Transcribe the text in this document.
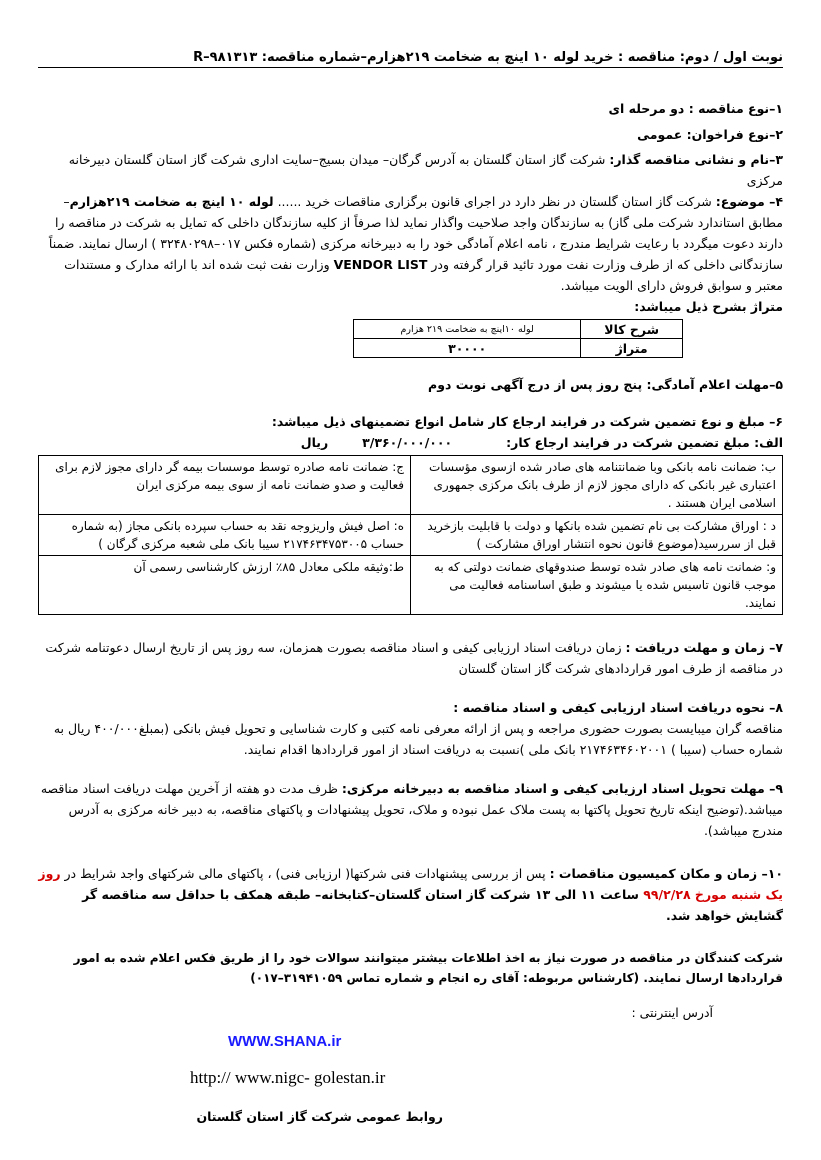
نوبت اول / دوم: مناقصه : خرید لوله ۱۰ اینچ به ضخامت ۲۱۹هزارم–شماره مناقصه: R–۹۸۱۳۱۳
۱–نوع مناقصه : دو مرحله ای
۲–نوع فراخوان: عمومی
۳–نام و نشانی مناقصه گذار: شرکت گاز استان گلستان به آدرس گرگان– میدان بسیج–سایت اداری شرکت گاز استان گلستان دبیرخانه مرکزی
۴– موضوع: شرکت گاز استان گلستان در نظر دارد در اجرای قانون برگزاری مناقصات خرید ...... لوله ۱۰ اینچ به ضخامت ۲۱۹هزارم– مطابق استاندارد شرکت ملی گاز) به سازندگان واجد صلاحیت واگذار نماید لذا صرفاً از کلیه سازندگان داخلی که تمایل به شرکت در مناقصه را دارند دعوت میگردد با رعایت شرایط مندرج ، نامه اعلام آمادگی خود را به دبیرخانه مرکزی (شماره فکس ۰۱۷–۳۲۴۸۰۲۹۸ ) ارسال نمایند. ضمناً سازندگانی داخلی که از طرف وزارت نفت مورد تائید قرار گرفته ودر VENDOR LIST وزارت نفت ثبت شده اند با ارائه مدارک و مستندات معتبر و سوابق فروش دارای الویت میباشد.
متراژ بشرح ذیل میباشد:
شرح کالا	لوله ۱۰اینچ به ضخامت ۲۱۹ هزارم
متراژ	۳۰۰۰۰
۵–مهلت اعلام آمادگی: پنج روز پس از درج آگهی نوبت دوم
۶– مبلغ و نوع تضمین شرکت در فرایند ارجاع کار شامل انواع تضمینهای ذیل میباشد:
الف: مبلغ تضمین شرکت در فرایند ارجاع کار:  ۳/۳۶۰/۰۰۰/۰۰۰  ریال
ب: ضمانت نامه بانکی وبا ضمانتنامه های صادر شده ازسوی مؤسسات اعتباری غیر بانکی که دارای مجوز لازم از طرف بانک مرکزی جمهوری اسلامی ایران هستند .	ج: ضمانت نامه صادره توسط موسسات بیمه گر دارای مجوز لازم برای فعالیت و صدو ضمانت نامه از سوی بیمه مرکزی ایران
د : اوراق مشارکت بی نام تضمین شده بانکها و دولت با قابلیت بازخرید قبل از سررسید(موضوع قانون نحوه انتشار اوراق مشارکت )	ه: اصل فیش واریزوجه نقد به حساب سپرده بانکی مجاز (به شماره حساب ۲۱۷۴۶۳۴۷۵۳۰۰۵ سیبا بانک ملی شعبه مرکزی گرگان )
و: ضمانت نامه های صادر شده توسط صندوقهای ضمانت دولتی که به موجب قانون تاسیس شده یا میشوند و طبق اساسنامه فعالیت می نمایند.	ط:وثیقه ملکی معادل ۸۵٪ ارزش کارشناسی رسمی آن
۷– زمان و مهلت دریافت : زمان دریافت اسناد ارزیابی کیفی و اسناد مناقصه بصورت همزمان، سه روز پس از تاریخ ارسال دعوتنامه شرکت در مناقصه از طرف امور قراردادهای شرکت گاز استان گلستان
۸– نحوه دریافت اسناد ارزیابی کیفی و اسناد مناقصه :
مناقصه گران میبایست بصورت حضوری مراجعه و پس از ارائه معرفی نامه کتبی و کارت شناسایی و تحویل فیش بانکی (بمبلغ۴۰۰/۰۰۰ ریال به شماره حساب (سیبا ) ۲۱۷۴۶۳۴۶۰۲۰۰۱ بانک ملی )نسبت به دریافت اسناد از امور قراردادها اقدام نمایند.
۹– مهلت تحویل اسناد ارزیابی کیفی و اسناد مناقصه به دبیرخانه مرکزی: ظرف مدت دو هفته از آخرین مهلت دریافت اسناد مناقصه میباشد.(توضیح اینکه تاریخ تحویل پاکتها به پست ملاک عمل نبوده و ملاک، تحویل پیشنهادات و پاکتهای مناقصه، به دبیر خانه مرکزی به آدرس مندرج میباشد).
۱۰– زمان و مکان کمیسیون مناقصات : پس از بررسی پیشنهادات فنی شرکتها( ارزیابی فنی) ، پاکتهای مالی شرکتهای واجد شرایط در روز یک شنبه مورخ ۹۹/۲/۲۸ ساعت ۱۱ الی ۱۳ شرکت گاز استان گلستان–کتابخانه– طبقه همکف با حداقل سه مناقصه گر گشایش خواهد شد.
شرکت کنندگان در مناقصه در صورت نیاز به اخذ اطلاعات بیشتر میتوانند سوالات خود را از طریق فکس اعلام شده به امور قراردادها ارسال نمایند. (کارشناس مربوطه: آقای ره انجام و شماره تماس ۳۱۹۴۱۰۵۹–۰۱۷)
آدرس اینترنتی :
WWW.SHANA.ir
http:// www.nigc- golestan.ir
روابط عمومی شرکت گاز استان گلستان
